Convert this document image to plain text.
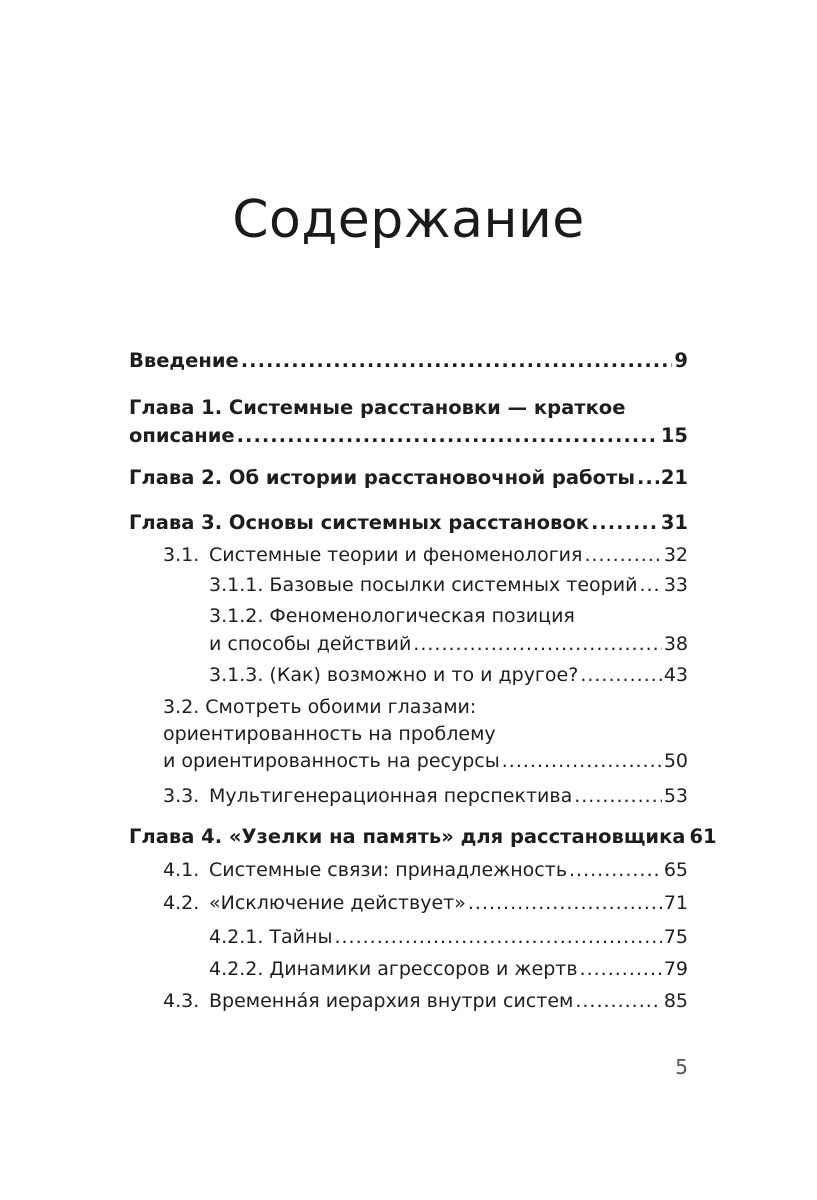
Содержание
Введение .....	9
Глава 1. Системные расстановки — краткое
описание .....	15
Глава 2. Об истории расстановочной работы ..... 21
Глава 3. Основы системных расстановок .....	31
3.1. Системные теории и феноменология .....	32
3.1.1. Базовые посылки системных теорий ..... 33
3.1.2. Феноменологическая позиция
и способы действий .....	38
3.1.3. (Как) возможно и то и другое? .....	43
3.2. Смотреть обоими глазами:
ориентированность на проблему
и ориентированность на ресурсы .....	50
3.3. Мультигенерационная перспектива .....	53
Глава 4. «Узелки на память» для расстановщика 61
4.1. Системные связи: принадлежность .....	65
4.2. «Исключение действует» .....	71
4.2.1. Тайны .....	75
4.2.2. Динамики агрессоров и жертв .....	79
4.3. Временна́я иерархия внутри систем .....	85
5
